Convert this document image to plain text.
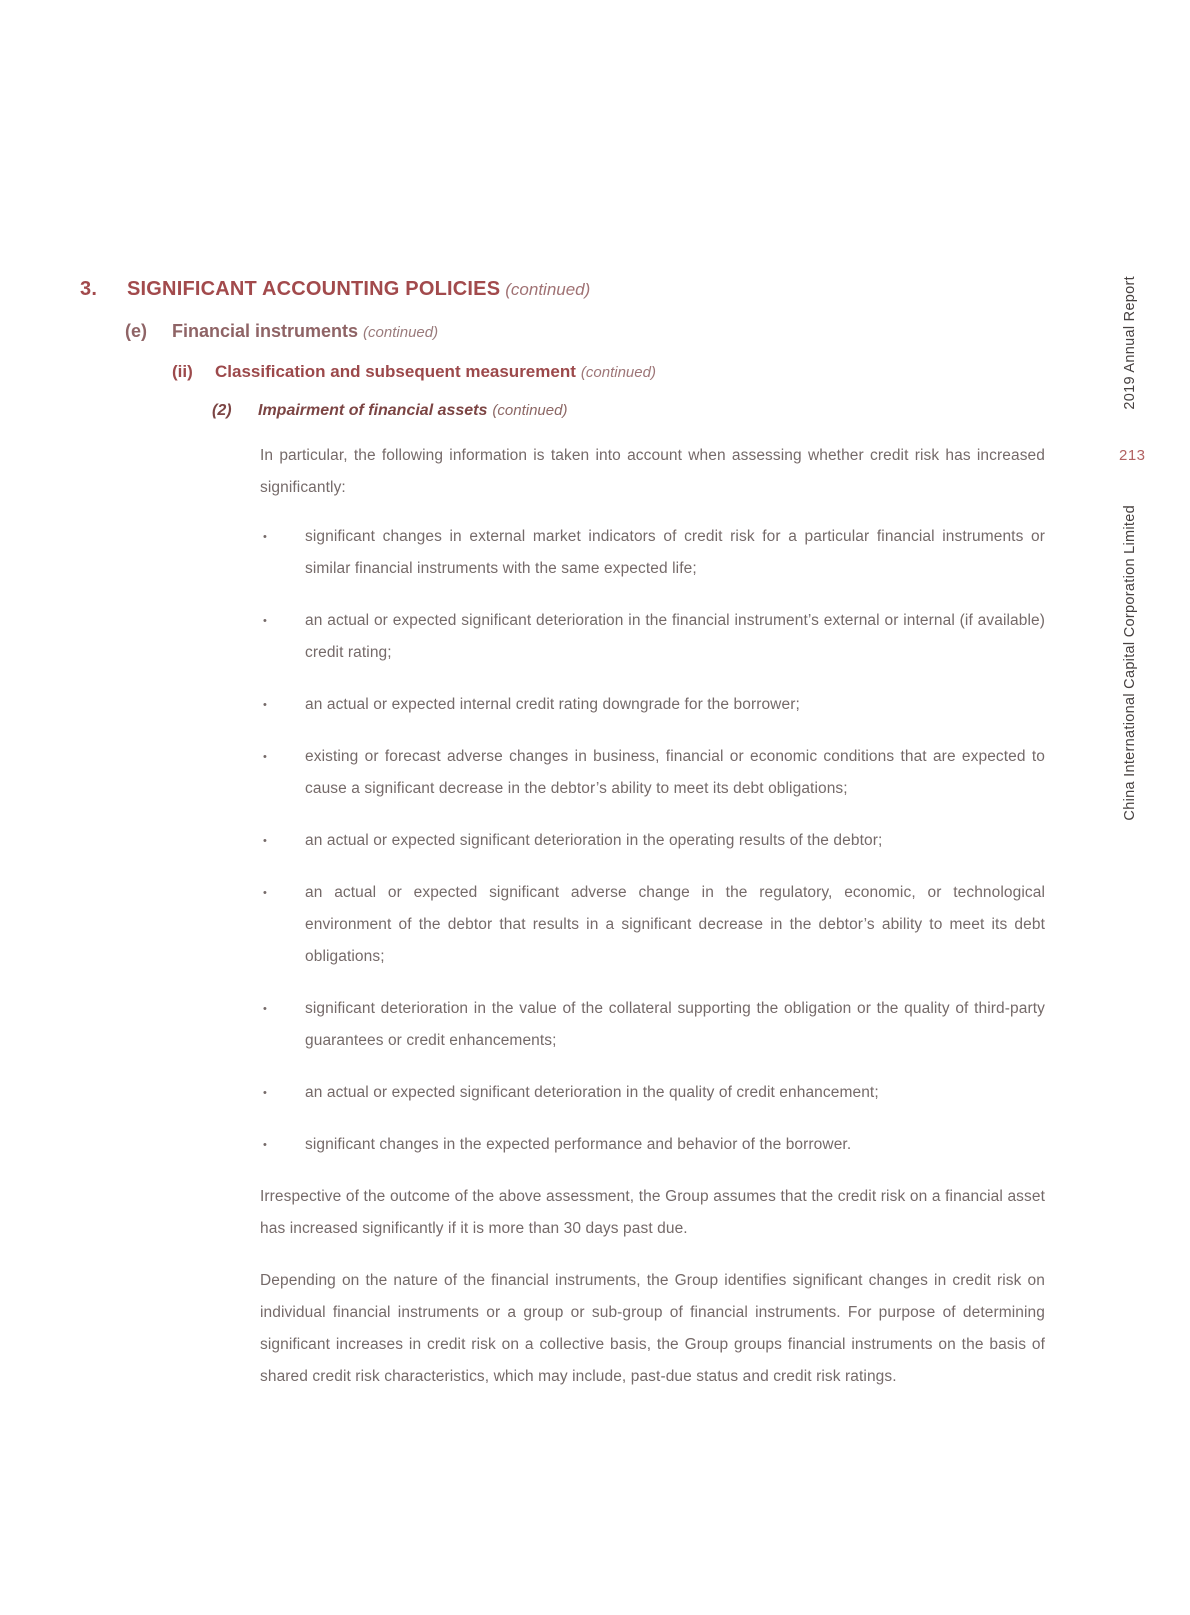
3.	SIGNIFICANT ACCOUNTING POLICIES (continued)
(e)	Financial instruments (continued)
(ii)	Classification and subsequent measurement (continued)
(2)	Impairment of financial assets (continued)

In particular, the following information is taken into account when assessing whether credit risk has increased significantly:

• significant changes in external market indicators of credit risk for a particular financial instruments or similar financial instruments with the same expected life;
• an actual or expected significant deterioration in the financial instrument’s external or internal (if available) credit rating;
• an actual or expected internal credit rating downgrade for the borrower;
• existing or forecast adverse changes in business, financial or economic conditions that are expected to cause a significant decrease in the debtor’s ability to meet its debt obligations;
• an actual or expected significant deterioration in the operating results of the debtor;
• an actual or expected significant adverse change in the regulatory, economic, or technological environment of the debtor that results in a significant decrease in the debtor’s ability to meet its debt obligations;
• significant deterioration in the value of the collateral supporting the obligation or the quality of third-party guarantees or credit enhancements;
• an actual or expected significant deterioration in the quality of credit enhancement;
• significant changes in the expected performance and behavior of the borrower.

Irrespective of the outcome of the above assessment, the Group assumes that the credit risk on a financial asset has increased significantly if it is more than 30 days past due.

Depending on the nature of the financial instruments, the Group identifies significant changes in credit risk on individual financial instruments or a group or sub-group of financial instruments. For purpose of determining significant increases in credit risk on a collective basis, the Group groups financial instruments on the basis of shared credit risk characteristics, which may include, past-due status and credit risk ratings.

2019 Annual Report
213
China International Capital Corporation Limited
